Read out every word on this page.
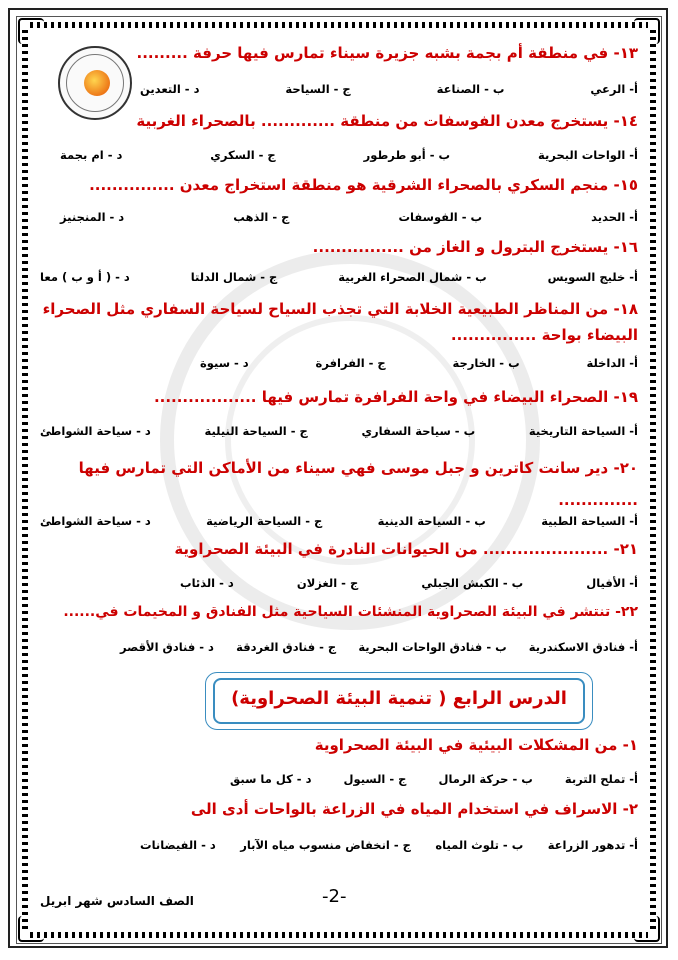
١٣- في منطقة أم بجمة بشبه جزيرة سيناء تمارس فيها حرفة .........
أ- الرعي
ب - الصناعة
ج - السياحة
د - التعدين
١٤- يستخرج معدن الفوسفات من منطقة ............. بالصحراء الغربية
أ- الواحات البحرية
ب - أبو طرطور
ج - السكري
د - ام بجمة
١٥- منجم السكري بالصحراء الشرقية هو منطقة استخراج معدن ...............
أ- الحديد
ب - الفوسفات
ج - الذهب
د - المنجنيز
١٦- يستخرج البترول و الغاز من ................
أ- خليج السويس
ب - شمال الصحراء الغربية
ج - شمال الدلتا
د - ( أ و ب ) معا
١٨- من المناظر الطبيعية الخلابة التي تجذب السياح لسياحة السفاري مثل الصحراء البيضاء بواحة ...............
أ- الداخلة
ب - الخارجة
ج - الفرافرة
د - سيوة
١٩- الصحراء البيضاء في واحة الفرافرة تمارس فيها ..................
أ- السياحة التاريخية
ب - سياحة السفاري
ج - السياحة النيلية
د - سياحة الشواطئ
٢٠- دير سانت كاترين و جبل موسى فهي سيناء من الأماكن التي تمارس فيها ..............
أ- السياحة الطبية
ب - السياحة الدينية
ج - السياحة الرياضية
د - سياحة الشواطئ
٢١- ...................... من الحيوانات النادرة في البيئة الصحراوية
أ- الأفيال
ب - الكبش الجبلي
ج - الغزلان
د - الذئاب
٢٢- تنتشر في البيئة الصحراوية المنشئات السياحية مثل الفنادق و المخيمات في......
أ- فنادق الاسكندرية
ب - فنادق الواحات البحرية
ج - فنادق الغردقة
د - فنادق الأقصر
الدرس الرابع ( تنمية البيئة الصحراوية)
١- من المشكلات البيئية في البيئة الصحراوية
أ- تملح التربة
ب - حركة الرمال
ج - السيول
د - كل ما سبق
٢- الاسراف في استخدام المياه في الزراعة بالواحات أدى الى
أ- تدهور الزراعة
ب - تلوث المياه
ج - انخفاض منسوب مياه الآبار
د - الفيضانات
الصف السادس شهر ابريل	-2-
